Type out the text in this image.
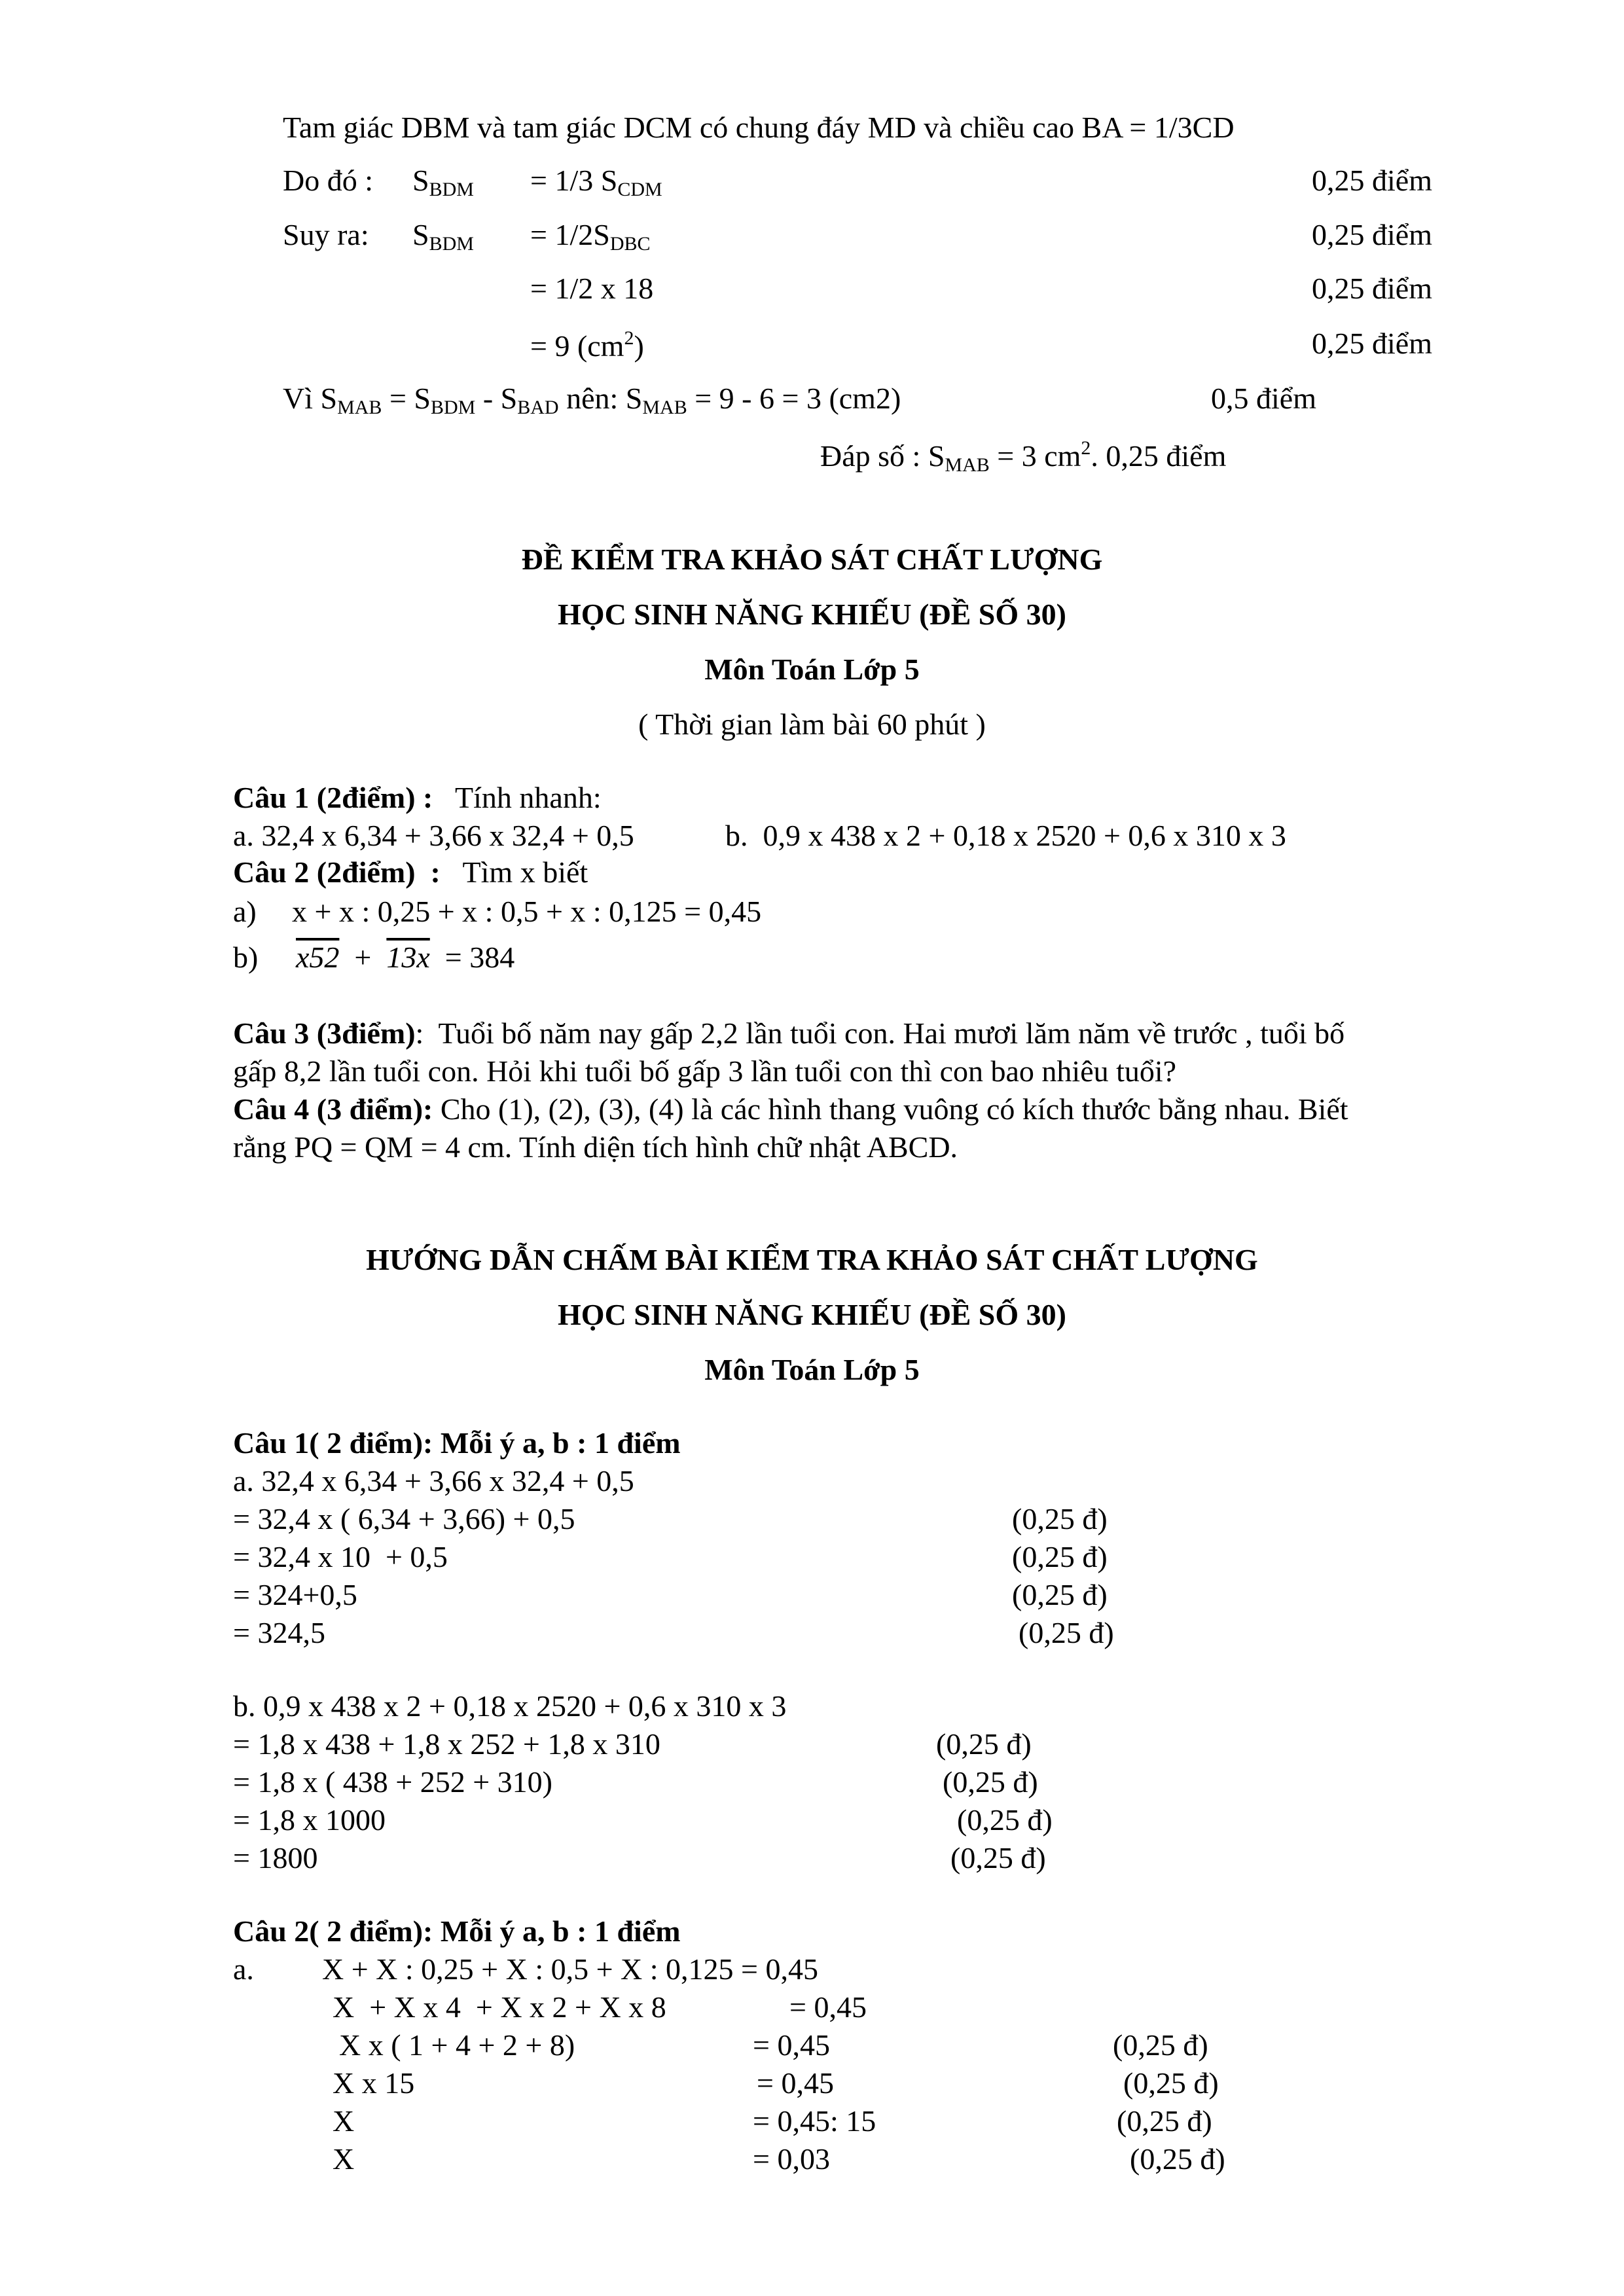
Tam giác DBM và tam giác DCM có chung đáy MD và chiều cao BA = 1/3CD
Do đó : $S_{BDM} = 1/3$ $S_{CDM}$	0,25 điểm
Suy ra: $S_{BDM} = 1/2S_{DBC}$	0,25 điểm
= 1/2 x 18	0,25 điểm
= 9 $(cm^2)$	0,25 điểm
Vì $S_{MAB} = S_{BDM} - S_{BAD}$ nên: $S_{MAB} = 9 - 6 = 3$ (cm2)	0,5 điểm
Đáp số : $S_{MAB} = 3$ $cm^2$. 0,25 điểm
ĐỀ KIỂM TRA KHẢO SÁT CHẤT LƯỢNG
HỌC SINH NĂNG KHIẾU (ĐỀ SỐ 30)
Môn Toán Lớp 5
( Thời gian làm bài 60 phút )
Câu 1 (2điểm) : Tính nhanh:
a. 32,4 x 6,34 + 3,66 x 32,4 + 0,5	b.  0,9 x 438 x 2 + 0,18 x 2520 + 0,6 x 310 x 3
Câu 2 (2điểm)  : Tìm x biết
a) x + x : 0,25 + x : 0,5 + x : 0,125 = 0,45
b) x52 + 13x = 384
Câu 3 (3điểm):  Tuổi bố năm nay gấp 2,2 lần tuổi con. Hai mươi lăm năm về trước , tuổi bố
gấp 8,2 lần tuổi con. Hỏi khi tuổi bố gấp 3 lần tuổi con thì con bao nhiêu tuổi?
Câu 4 (3 điểm): Cho (1), (2), (3), (4) là các hình thang vuông có kích thước bằng nhau. Biết
rằng PQ = QM = 4 cm. Tính diện tích hình chữ nhật ABCD.
HƯỚNG DẪN CHẤM BÀI KIỂM TRA KHẢO SÁT CHẤT LƯỢNG
HỌC SINH NĂNG KHIẾU (ĐỀ SỐ 30)
Môn Toán Lớp 5
Câu 1( 2 điểm): Mỗi ý a, b : 1 điểm
a. 32,4 x 6,34 + 3,66 x 32,4 + 0,5
= 32,4 x ( 6,34 + 3,66) + 0,5	(0,25 đ)
= 32,4 x 10  + 0,5	(0,25 đ)
= 324+0,5	(0,25 đ)
= 324,5	(0,25 đ)
b. 0,9 x 438 x 2 + 0,18 x 2520 + 0,6 x 310 x 3
= 1,8 x 438 + 1,8 x 252 + 1,8 x 310	(0,25 đ)
= 1,8 x ( 438 + 252 + 310)	(0,25 đ)
= 1,8 x 1000	(0,25 đ)
= 1800	(0,25 đ)
Câu 2( 2 điểm): Mỗi ý a, b : 1 điểm
a. X + X : 0,25 + X : 0,5 + X : 0,125 = 0,45
X  + X x 4  + X x 2 + X x 8	= 0,45
X x ( 1 + 4 + 2 + 8)	= 0,45	(0,25 đ)
X x 15	= 0,45	(0,25 đ)
X	= 0,45: 15	(0,25 đ)
X	= 0,03	(0,25 đ)
